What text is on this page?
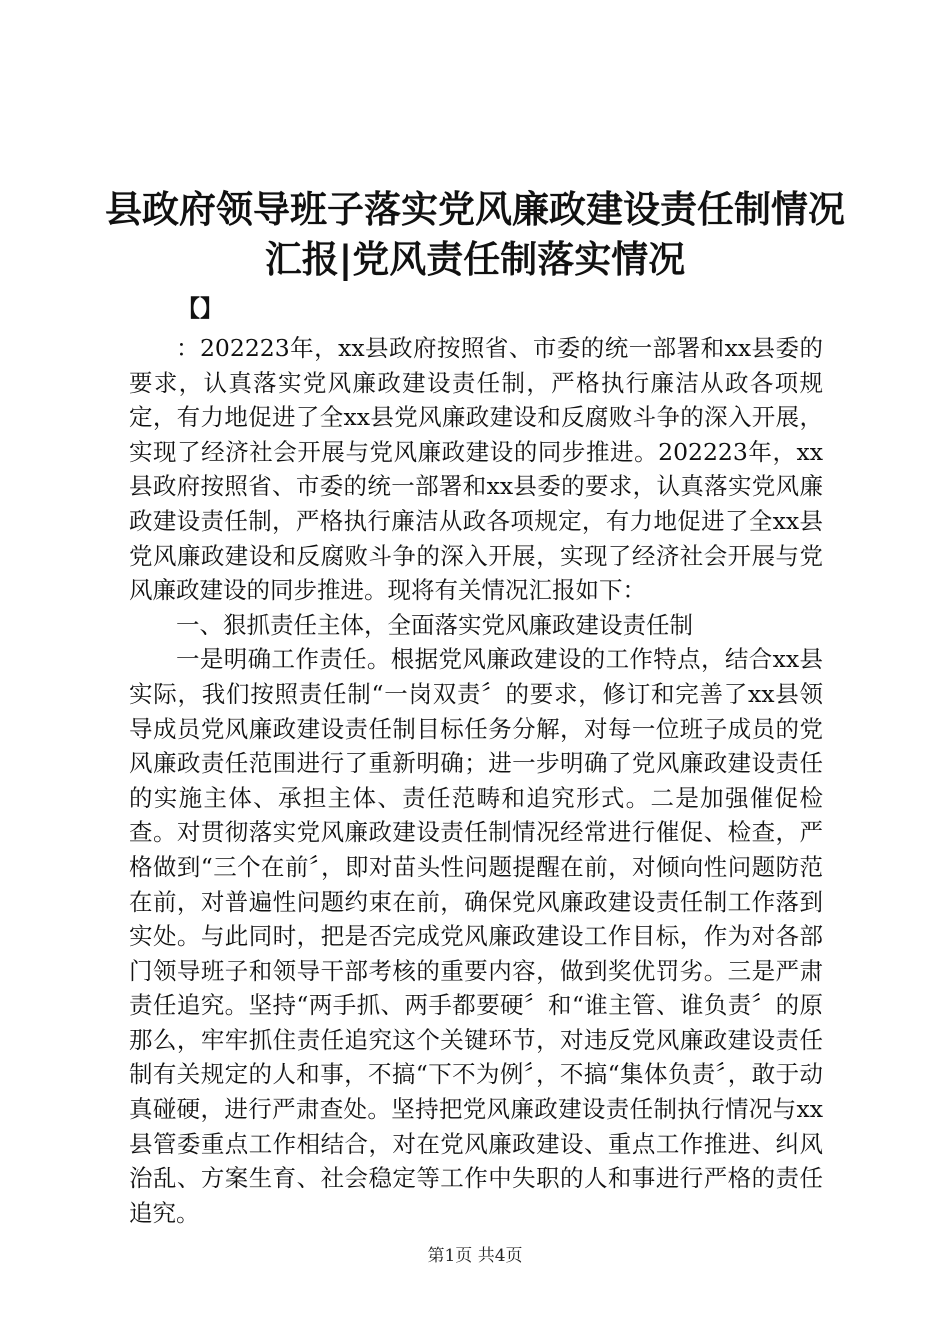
县政府领导班子落实党风廉政建设责任制情况
汇报|党风责任制落实情况
【】

：202223年，xx县政府按照省、市委的统一部署和xx县委的要求，认真落实党风廉政建设责任制，严格执行廉洁从政各项规定，有力地促进了全xx县党风廉政建设和反腐败斗争的深入开展，实现了经济社会开展与党风廉政建设的同步推进。202223年，xx县政府按照省、市委的统一部署和xx县委的要求，认真落实党风廉政建设责任制，严格执行廉洁从政各项规定，有力地促进了全xx县党风廉政建设和反腐败斗争的深入开展，实现了经济社会开展与党风廉政建设的同步推进。现将有关情况汇报如下：

一、狠抓责任主体，全面落实党风廉政建设责任制

一是明确工作责任。根据党风廉政建设的工作特点，结合xx县实际，我们按照责任制“一岗双责〞的要求，修订和完善了xx县领导成员党风廉政建设责任制目标任务分解，对每一位班子成员的党风廉政责任范围进行了重新明确；进一步明确了党风廉政建设责任的实施主体、承担主体、责任范畴和追究形式。二是加强催促检查。对贯彻落实党风廉政建设责任制情况经常进行催促、检查，严格做到“三个在前〞，即对苗头性问题提醒在前，对倾向性问题防范在前，对普遍性问题约束在前，确保党风廉政建设责任制工作落到实处。与此同时，把是否完成党风廉政建设工作目标，作为对各部门领导班子和领导干部考核的重要内容，做到奖优罚劣。三是严肃责任追究。坚持“两手抓、两手都要硬〞和“谁主管、谁负责〞的原那么，牢牢抓住责任追究这个关键环节，对违反党风廉政建设责任制有关规定的人和事，不搞“下不为例〞，不搞“集体负责〞，敢于动真碰硬，进行严肃查处。坚持把党风廉政建设责任制执行情况与xx县管委重点工作相结合，对在党风廉政建设、重点工作推进、纠风治乱、方案生育、社会稳定等工作中失职的人和事进行严格的责任追究。

第1页 共4页
